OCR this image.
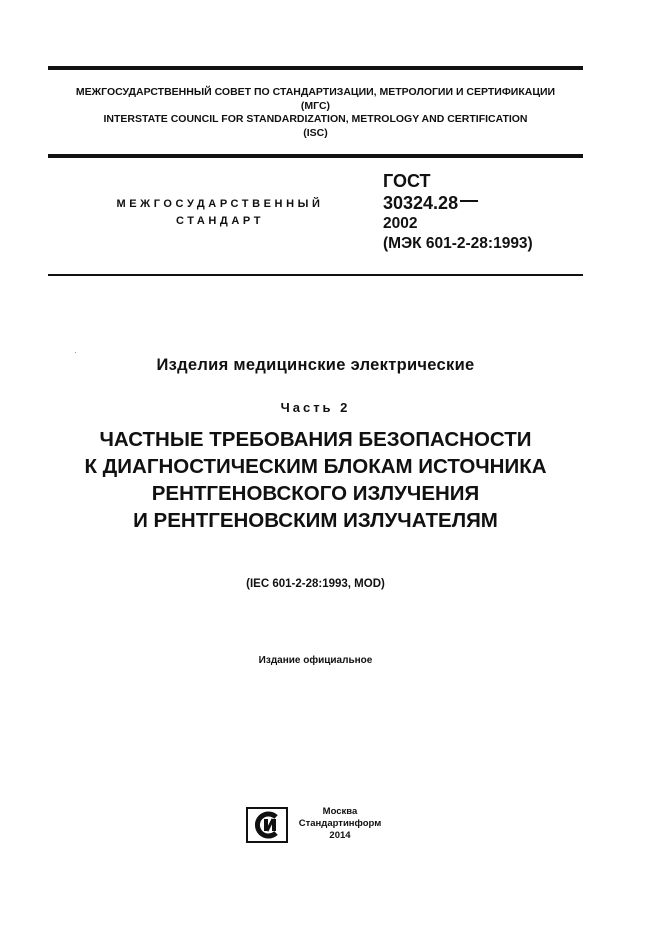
МЕЖГОСУДАРСТВЕННЫЙ СОВЕТ ПО СТАНДАРТИЗАЦИИ, МЕТРОЛОГИИ И СЕРТИФИКАЦИИ
(МГС)
INTERSTATE COUNCIL FOR STANDARDIZATION, METROLOGY AND CERTIFICATION
(ISC)
МЕЖГОСУДАРСТВЕННЫЙ
СТАНДАРТ
ГОСТ
30324.28
2002
(МЭК 601-2-28:1993)
Изделия медицинские электрические
Часть 2
ЧАСТНЫЕ ТРЕБОВАНИЯ БЕЗОПАСНОСТИ
К ДИАГНОСТИЧЕСКИМ БЛОКАМ ИСТОЧНИКА
РЕНТГЕНОВСКОГО ИЗЛУЧЕНИЯ
И РЕНТГЕНОВСКИМ ИЗЛУЧАТЕЛЯМ
(IEC 601-2-28:1993, MOD)
Издание официальное
Москва
Стандартинформ
2014
